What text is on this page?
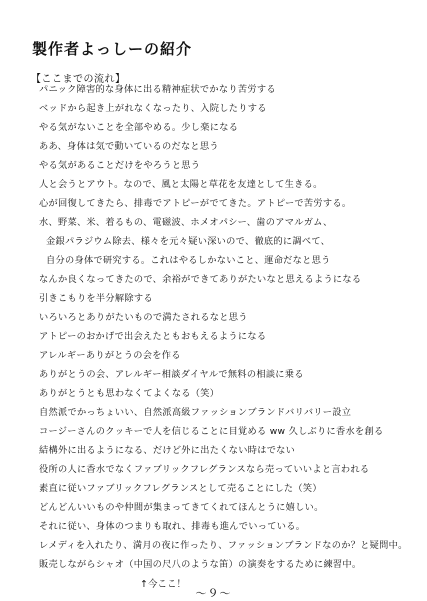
製作者よっしーの紹介
【ここまでの流れ】
パニック障害的な身体に出る精神症状でかなり苦労する
ベッドから起き上がれなくなったり、入院したりする
やる気がないことを全部やめる。少し楽になる
ああ、身体は気で動いているのだなと思う
やる気があることだけをやろうと思う
人と会うとアウト。なので、風と太陽と草花を友達として生きる。
心が回復してきたら、排毒でアトピーがでてきた。アトピーで苦労する。
水、野菜、米、着るもの、電磁波、ホメオパシー、歯のアマルガム、
金銀パラジウム除去、様々を元々疑い深いので、徹底的に調べて、
自分の身体で研究する。これはやるしかないこと、運命だなと思う
なんか良くなってきたので、余裕ができてありがたいなと思えるようになる
引きこもりを半分解除する
いろいろとありがたいもので満たされるなと思う
アトピーのおかげで出会えたともおもえるようになる
アレルギーありがとうの会を作る
ありがとうの会、アレルギー相談ダイヤルで無料の相談に乗る
ありがとうとも思わなくてよくなる（笑）
自然派でかっちょいい、自然派高級ファッションブランドバリバリー設立
コージーさんのクッキーで人を信じることに目覚める ww 久しぶりに香水を創る
結構外に出るようになる、だけど外に出たくない時はでない
役所の人に香水でなくファブリックフレグランスなら売っていいよと言われる
素直に従いファブリックフレグランスとして売ることにした（笑）
どんどんいいものや仲間が集まってきてくれてほんとうに嬉しい。
それに従い、身体のつまりも取れ、排毒も進んでいっている。
レメディを入れたり、満月の夜に作ったり、ファッションブランドなのか？と疑問中。
販売しながらシャオ（中国の尺八のような笛）の演奏をするために練習中。
↑今ここ！
～９～
